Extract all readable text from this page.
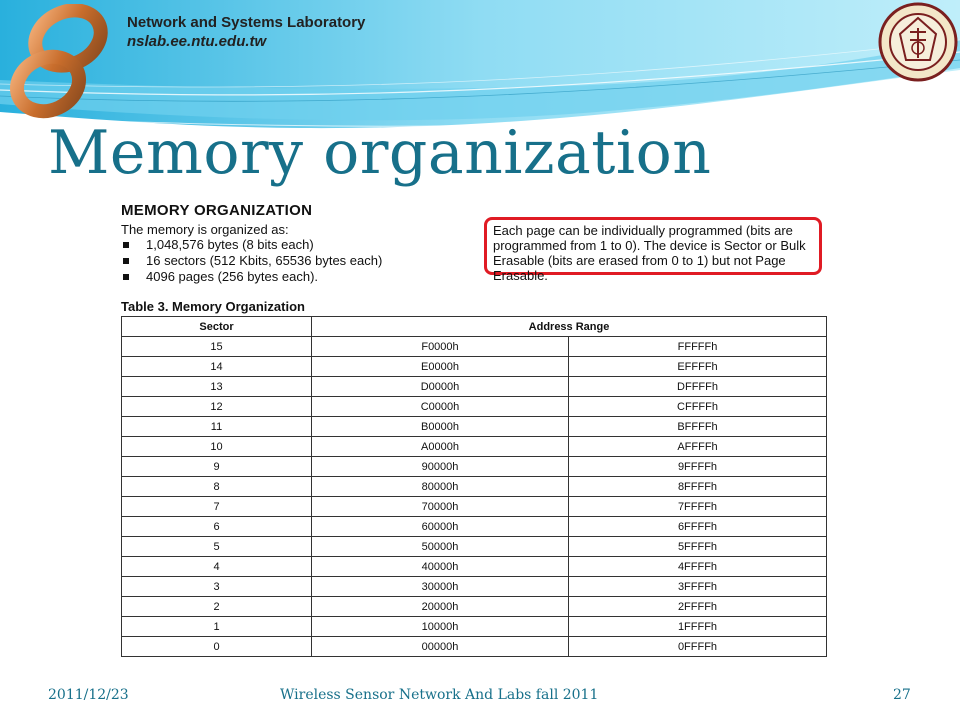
Network and Systems Laboratory
nslab.ee.ntu.edu.tw
Memory organization
MEMORY ORGANIZATION
The memory is organized as:
1,048,576 bytes (8 bits each)
16 sectors (512 Kbits, 65536 bytes each)
4096 pages (256 bytes each).
Each page can be individually programmed (bits are programmed from 1 to 0). The device is Sector or Bulk Erasable (bits are erased from 0 to 1) but not Page Erasable.
Table 3. Memory Organization
Sector	Address Range	
15	F0000h	FFFFFh
14	E0000h	EFFFFh
13	D0000h	DFFFFh
12	C0000h	CFFFFh
11	B0000h	BFFFFh
10	A0000h	AFFFFh
9	90000h	9FFFFh
8	80000h	8FFFFh
7	70000h	7FFFFh
6	60000h	6FFFFh
5	50000h	5FFFFh
4	40000h	4FFFFh
3	30000h	3FFFFh
2	20000h	2FFFFh
1	10000h	1FFFFh
0	00000h	0FFFFh
2011/12/23	Wireless Sensor Network And Labs fall 2011	27
